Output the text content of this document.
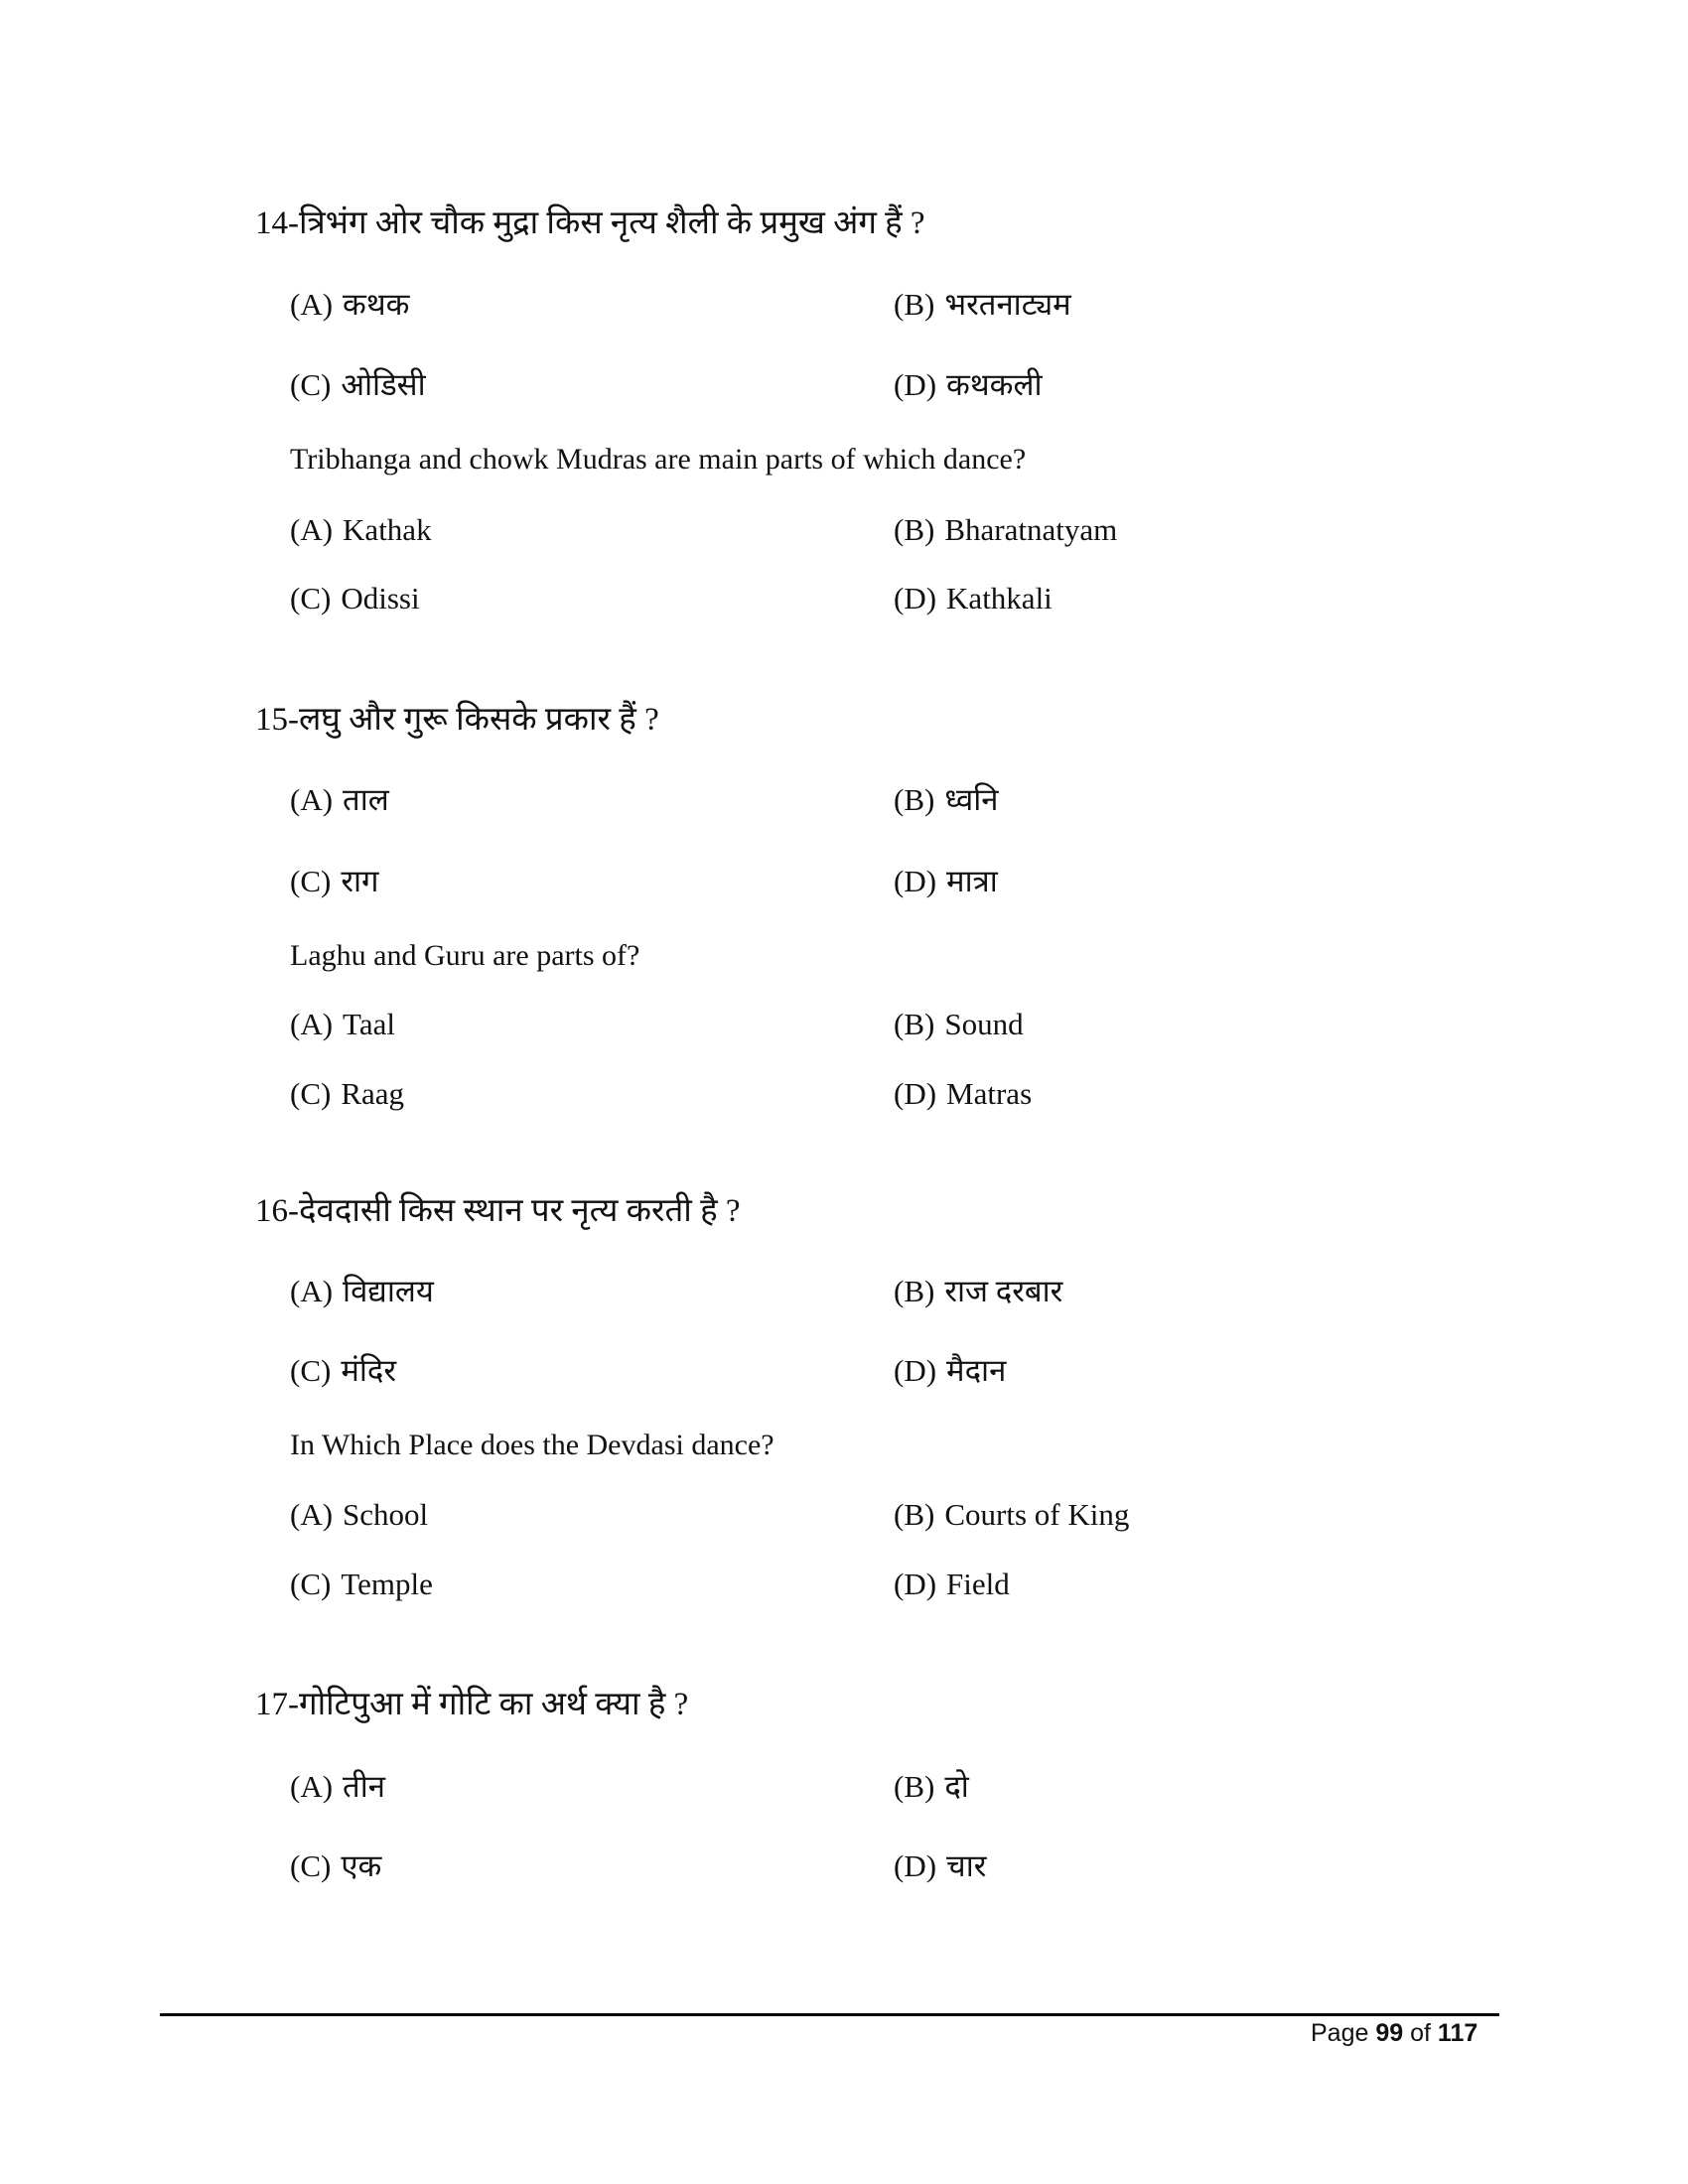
14-त्रिभंग ओर चौक मुद्रा किस नृत्य शैली के प्रमुख अंग हैं ?
(A) कथक	(B) भरतनाट्यम
(C) ओडिसी	(D) कथकली
Tribhanga and chowk Mudras are main parts of which dance?
(A) Kathak	(B) Bharatnatyam
(C) Odissi	(D) Kathkali
15-लघु और गुरू किसके प्रकार हैं ?
(A) ताल	(B) ध्वनि
(C) राग	(D) मात्रा
Laghu and Guru are parts of?
(A) Taal	(B) Sound
(C) Raag	(D) Matras
16-देवदासी किस स्थान पर नृत्य करती है ?
(A) विद्यालय	(B) राज दरबार
(C) मंदिर	(D) मैदान
In Which Place does the Devdasi dance?
(A) School	(B) Courts of King
(C) Temple	(D) Field
17-गोटिपुआ में गोटि का अर्थ क्या है ?
(A) तीन	(B) दो
(C) एक	(D) चार
Page 99 of 117
